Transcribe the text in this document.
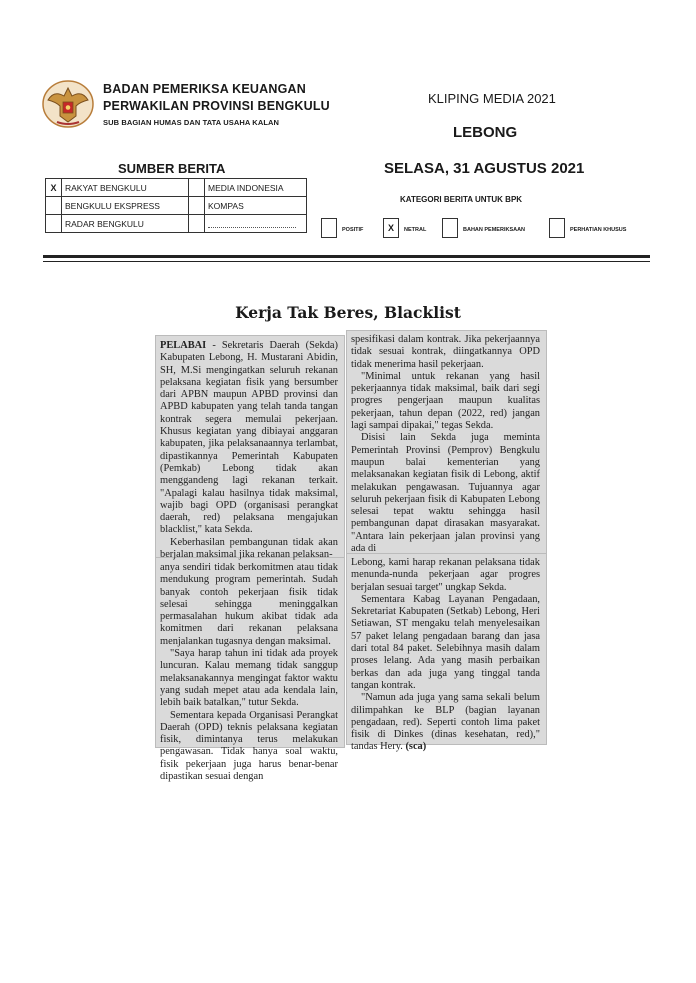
BADAN PEMERIKSA KEUANGAN
PERWAKILAN PROVINSI BENGKULU
SUB BAGIAN HUMAS DAN TATA USAHA KALAN
KLIPING MEDIA 2021
LEBONG
SELASA, 31 AGUSTUS 2021
SUMBER BERITA
X	RAKYAT BENGKULU		MEDIA INDONESIA
	BENGKULU EKSPRESS		KOMPAS
	RADAR BENGKULU		
KATEGORI BERITA UNTUK BPK
POSITIF	X	NETRAL	BAHAN PEMERIKSAAN	PERHATIAN KHUSUS
Kerja Tak Beres, Blacklist

PELABAI - Sekretaris Daerah (Sekda) Kabupaten Lebong, H. Mustarani Abidin, SH, M.Si mengingatkan seluruh rekanan pelaksana kegiatan fisik yang bersumber dari APBN maupun APBD provinsi dan APBD kabupaten yang telah tanda tangan kontrak segera memulai pekerjaan. Khusus kegiatan yang dibiayai anggaran kabupaten, jika pelaksanaannya terlambat, dipastikannya Pemerintah Kabupaten (Pemkab) Lebong tidak akan menggandeng lagi rekanan terkait. "Apalagi kalau hasilnya tidak maksimal, wajib bagi OPD (organisasi perangkat daerah, red) pelaksana mengajukan blacklist," kata Sekda.

Keberhasilan pembangunan tidak akan berjalan maksimal jika rekanan pelaksan-

anya sendiri tidak berkomitmen atau tidak mendukung program pemerintah. Sudah banyak contoh pekerjaan fisik tidak selesai sehingga meninggalkan permasalahan hukum akibat tidak ada komitmen dari rekanan pelaksana menjalankan tugasnya dengan maksimal.

"Saya harap tahun ini tidak ada proyek luncuran. Kalau memang tidak sanggup melaksanakannya mengingat faktor waktu yang sudah mepet atau ada kendala lain, lebih baik batalkan," tutur Sekda.

Sementara kepada Organisasi Perangkat Daerah (OPD) teknis pelaksana kegiatan fisik, dimintanya terus melakukan pengawasan. Tidak hanya soal waktu, fisik pekerjaan juga harus benar-benar dipastikan sesuai dengan

spesifikasi dalam kontrak. Jika pekerjaannya tidak sesuai kontrak, diingatkannya OPD tidak menerima hasil pekerjaan.

"Minimal untuk rekanan yang hasil pekerjaannya tidak maksimal, baik dari segi progres pengerjaan maupun kualitas pekerjaan, tahun depan (2022, red) jangan lagi sampai dipakai," tegas Sekda.

Disisi lain Sekda juga meminta Pemerintah Provinsi (Pemprov) Bengkulu maupun balai kementerian yang melaksanakan kegiatan fisik di Lebong, aktif melakukan pengawasan. Tujuannya agar seluruh pekerjaan fisik di Kabupaten Lebong selesai tepat waktu sehingga hasil pembangunan dapat dirasakan masyarakat. "Antara lain pekerjaan jalan provinsi yang ada di

Lebong, kami harap rekanan pelaksana tidak menunda-nunda pekerjaan agar progres berjalan sesuai target" ungkap Sekda.

Sementara Kabag Layanan Pengadaan, Sekretariat Kabupaten (Setkab) Lebong, Heri Setiawan, ST mengaku telah menyelesaikan 57 paket lelang pengadaan barang dan jasa dari total 84 paket. Selebihnya masih dalam proses lelang. Ada yang masih perbaikan berkas dan ada juga yang tinggal tanda tangan kontrak.

"Namun ada juga yang sama sekali belum dilimpahkan ke BLP (bagian layanan pengadaan, red). Seperti contoh lima paket fisik di Dinkes (dinas kesehatan, red)," tandas Hery. (sca)
